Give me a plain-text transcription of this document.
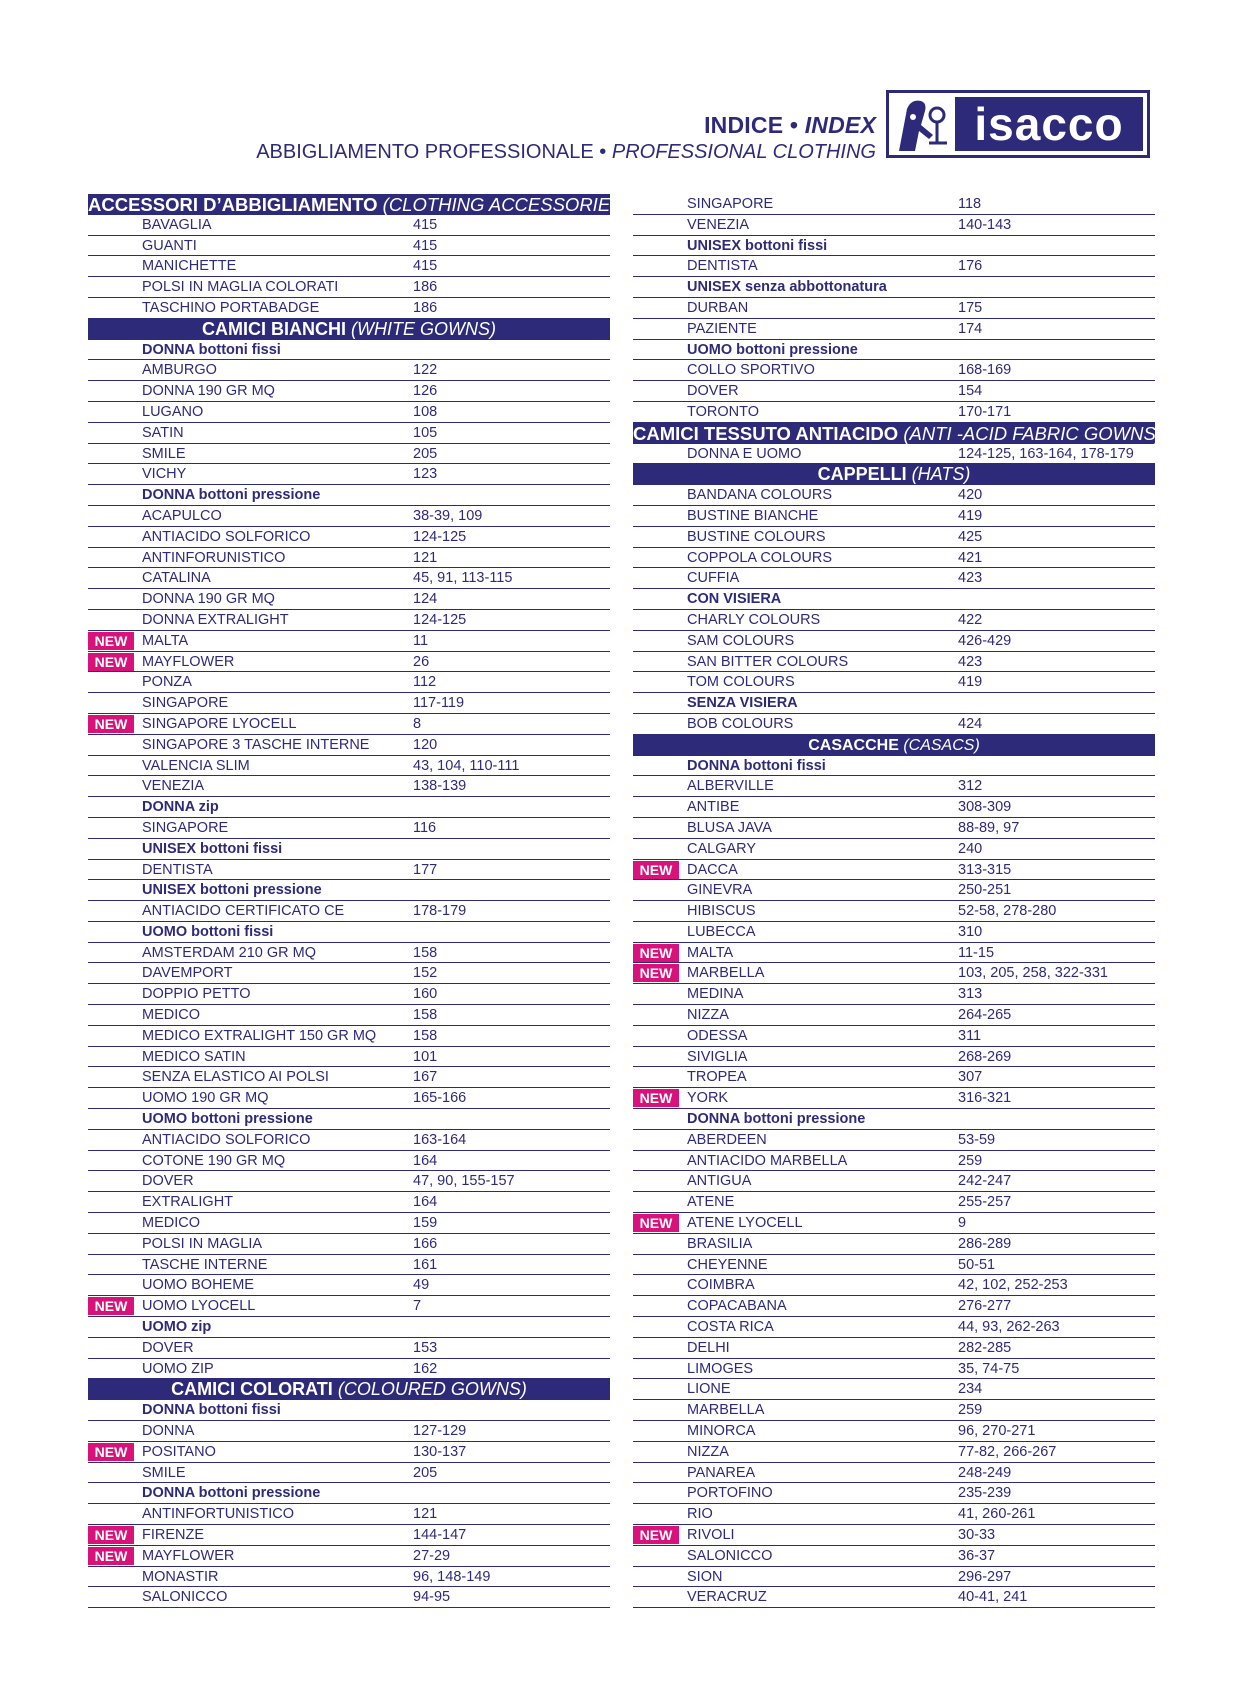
INDICE • INDEX
ABBIGLIAMENTO PROFESSIONALE • PROFESSIONAL CLOTHING
isacco
ACCESSORI D’ABBIGLIAMENTO (CLOTHING ACCESSORIES)
BAVAGLIA	415
GUANTI	415
MANICHETTE	415
POLSI IN MAGLIA COLORATI	186
TASCHINO PORTABADGE	186
CAMICI BIANCHI (WHITE GOWNS)
DONNA bottoni fissi
AMBURGO	122
DONNA 190 GR MQ	126
LUGANO	108
SATIN	105
SMILE	205
VICHY	123
DONNA bottoni pressione
ACAPULCO	38-39, 109
ANTIACIDO SOLFORICO	124-125
ANTINFORUNISTICO	121
CATALINA	45, 91, 113-115
DONNA 190 GR MQ	124
DONNA EXTRALIGHT	124-125
NEW	MALTA	11
NEW	MAYFLOWER	26
PONZA	112
SINGAPORE	117-119
NEW	SINGAPORE LYOCELL	8
SINGAPORE 3 TASCHE INTERNE	120
VALENCIA SLIM	43, 104, 110-111
VENEZIA	138-139
DONNA zip
SINGAPORE	116
UNISEX bottoni fissi
DENTISTA	177
UNISEX bottoni pressione
ANTIACIDO CERTIFICATO CE	178-179
UOMO bottoni fissi
AMSTERDAM 210 GR MQ	158
DAVEMPORT	152
DOPPIO PETTO	160
MEDICO	158
MEDICO EXTRALIGHT 150 GR MQ	158
MEDICO SATIN	101
SENZA ELASTICO AI POLSI	167
UOMO 190 GR MQ	165-166
UOMO bottoni pressione
ANTIACIDO SOLFORICO	163-164
COTONE 190 GR MQ	164
DOVER	47, 90, 155-157
EXTRALIGHT	164
MEDICO	159
POLSI IN MAGLIA	166
TASCHE INTERNE	161
UOMO BOHEME	49
NEW	UOMO LYOCELL	7
UOMO zip
DOVER	153
UOMO ZIP	162
CAMICI COLORATI (COLOURED GOWNS)
DONNA bottoni fissi
DONNA	127-129
NEW	POSITANO	130-137
SMILE	205
DONNA bottoni pressione
ANTINFORTUNISTICO	121
NEW	FIRENZE	144-147
NEW	MAYFLOWER	27-29
MONASTIR	96, 148-149
SALONICCO	94-95
SINGAPORE	118
VENEZIA	140-143
UNISEX bottoni fissi
DENTISTA	176
UNISEX senza abbottonatura
DURBAN	175
PAZIENTE	174
UOMO bottoni pressione
COLLO SPORTIVO	168-169
DOVER	154
TORONTO	170-171
CAMICI TESSUTO ANTIACIDO (ANTI -ACID FABRIC GOWNS)
DONNA E UOMO	124-125, 163-164, 178-179
CAPPELLI (HATS)
BANDANA COLOURS	420
BUSTINE BIANCHE	419
BUSTINE COLOURS	425
COPPOLA COLOURS	421
CUFFIA	423
CON VISIERA
CHARLY COLOURS	422
SAM COLOURS	426-429
SAN BITTER COLOURS	423
TOM COLOURS	419
SENZA VISIERA
BOB COLOURS	424
CASACCHE (CASACS)
DONNA bottoni fissi
ALBERVILLE	312
ANTIBE	308-309
BLUSA JAVA	88-89, 97
CALGARY	240
NEW	DACCA	313-315
GINEVRA	250-251
HIBISCUS	52-58, 278-280
LUBECCA	310
NEW	MALTA	11-15
NEW	MARBELLA	103, 205, 258, 322-331
MEDINA	313
NIZZA	264-265
ODESSA	311
SIVIGLIA	268-269
TROPEA	307
NEW	YORK	316-321
DONNA bottoni pressione
ABERDEEN	53-59
ANTIACIDO MARBELLA	259
ANTIGUA	242-247
ATENE	255-257
NEW	ATENE LYOCELL	9
BRASILIA	286-289
CHEYENNE	50-51
COIMBRA	42, 102, 252-253
COPACABANA	276-277
COSTA RICA	44, 93, 262-263
DELHI	282-285
LIMOGES	35, 74-75
LIONE	234
MARBELLA	259
MINORCA	96, 270-271
NIZZA	77-82, 266-267
PANAREA	248-249
PORTOFINO	235-239
RIO	41, 260-261
NEW	RIVOLI	30-33
SALONICCO	36-37
SION	296-297
VERACRUZ	40-41, 241
